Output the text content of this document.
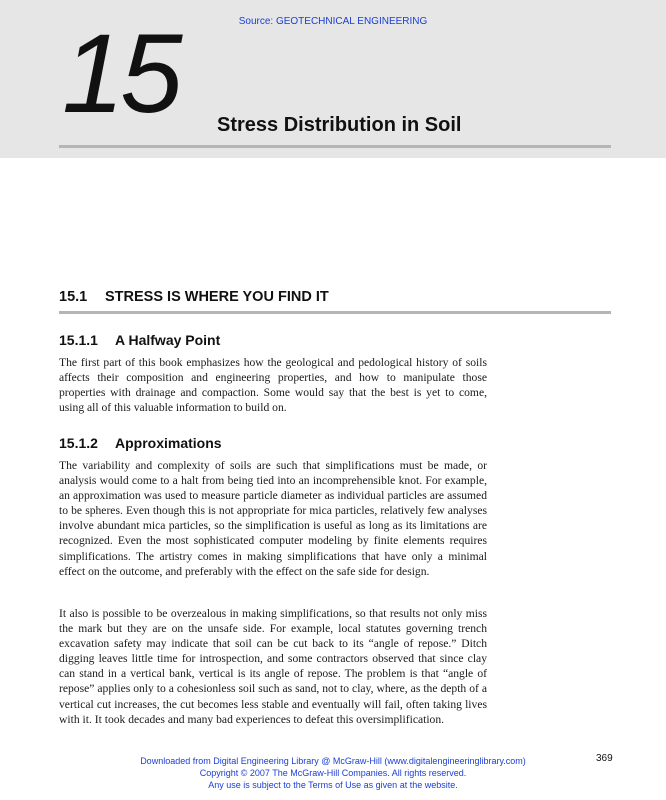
Source: GEOTECHNICAL ENGINEERING
15 Stress Distribution in Soil
15.1 STRESS IS WHERE YOU FIND IT
15.1.1 A Halfway Point

The first part of this book emphasizes how the geological and pedological history of soils affects their composition and engineering properties, and how to manipulate those properties with drainage and compaction. Some would say that the best is yet to come, using all of this valuable information to build on.

15.1.2 Approximations

The variability and complexity of soils are such that simplifications must be made, or analysis would come to a halt from being tied into an incomprehensible knot. For example, an approximation was used to measure particle diameter as individual particles are assumed to be spheres. Even though this is not appropriate for mica particles, relatively few analyses involve abundant mica particles, so the simplification is useful as long as its limitations are recognized. Even the most sophisticated computer modeling by finite elements requires simplifications. The artistry comes in making simplifications that have only a minimal effect on the outcome, and preferably with the effect on the safe side for design.

It also is possible to be overzealous in making simplifications, so that results not only miss the mark but they are on the unsafe side. For example, local statutes governing trench excavation safety may indicate that soil can be cut back to its “angle of repose.” Ditch digging leaves little time for introspection, and some contractors observed that since clay can stand in a vertical bank, vertical is its angle of repose. The problem is that “angle of repose” applies only to a cohesionless soil such as sand, not to clay, where, as the depth of a vertical cut increases, the cut becomes less stable and eventually will fail, often taking lives with it. It took decades and many bad experiences to defeat this oversimplification.

Downloaded from Digital Engineering Library @ McGraw-Hill (www.digitalengineeringlibrary.com)
Copyright © 2007 The McGraw-Hill Companies. All rights reserved.
Any use is subject to the Terms of Use as given at the website.
369
